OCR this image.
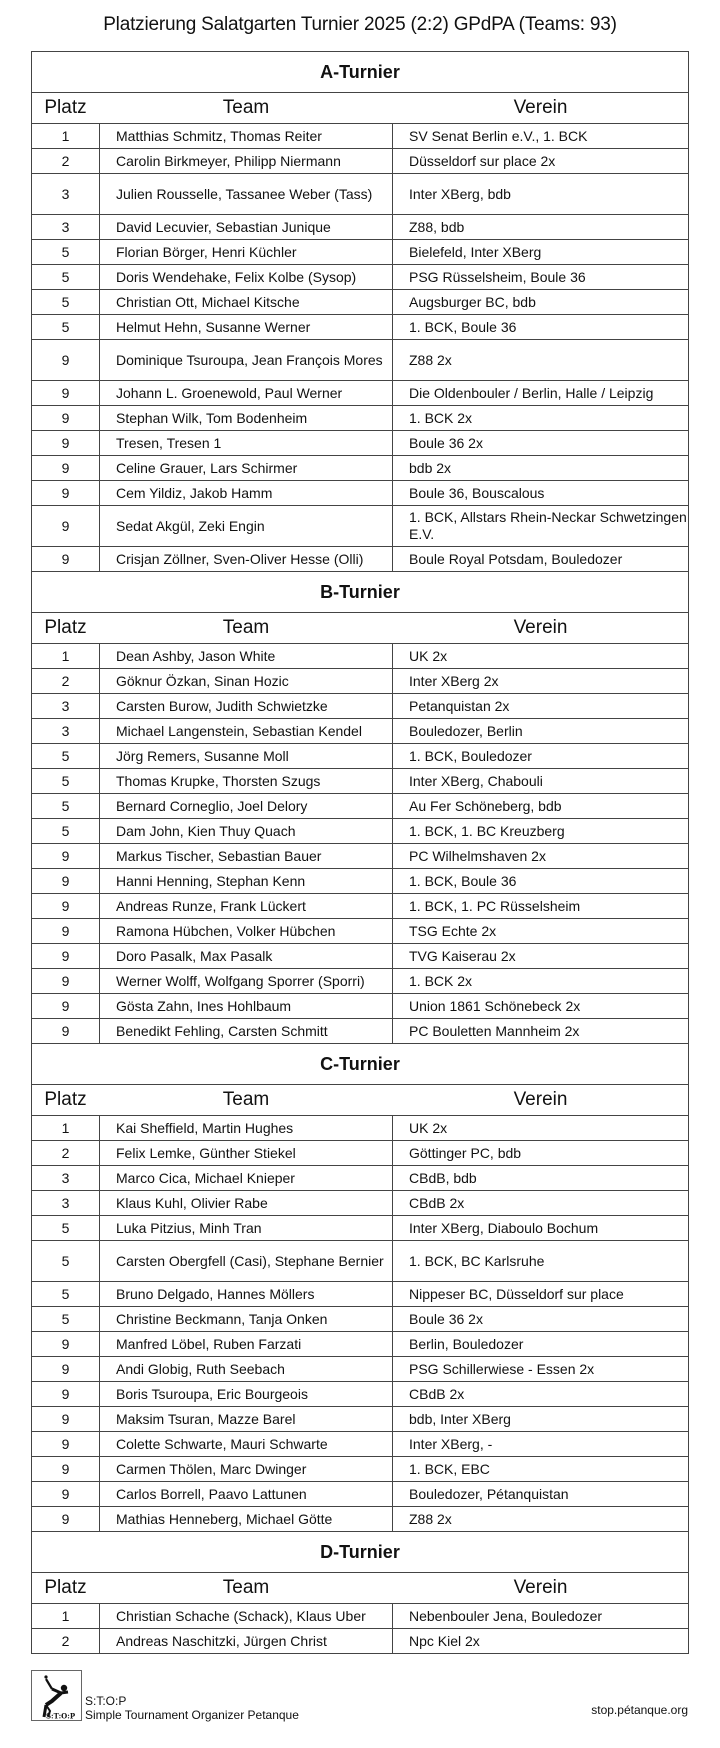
Platzierung Salatgarten Turnier 2025 (2:2) GPdPA (Teams: 93)
A-Turnier		
Platz	Team	Verein
1	Matthias Schmitz, Thomas Reiter	SV Senat Berlin e.V., 1. BCK
2	Carolin Birkmeyer, Philipp Niermann	Düsseldorf sur place 2x
3	Julien Rousselle, Tassanee Weber (Tass)	Inter XBerg, bdb
3	David Lecuvier, Sebastian Junique	Z88, bdb
5	Florian Börger, Henri Küchler	Bielefeld, Inter XBerg
5	Doris Wendehake, Felix Kolbe (Sysop)	PSG Rüsselsheim, Boule 36
5	Christian Ott, Michael Kitsche	Augsburger BC, bdb
5	Helmut Hehn, Susanne Werner	1. BCK, Boule 36
9	Dominique Tsuroupa, Jean François Mores	Z88 2x
9	Johann L. Groenewold, Paul Werner	Die Oldenbouler / Berlin, Halle / Leipzig
9	Stephan Wilk, Tom Bodenheim	1. BCK 2x
9	Tresen, Tresen 1	Boule 36 2x
9	Celine Grauer, Lars Schirmer	bdb 2x
9	Cem Yildiz, Jakob Hamm	Boule 36, Bouscalous
9	Sedat Akgül, Zeki Engin	1. BCK, Allstars Rhein-Neckar Schwetzingen E.V.
9	Crisjan Zöllner, Sven-Oliver Hesse (Olli)	Boule Royal Potsdam, Bouledozer
B-Turnier		
Platz	Team	Verein
1	Dean Ashby, Jason White	UK 2x
2	Göknur Özkan, Sinan Hozic	Inter XBerg 2x
3	Carsten Burow, Judith Schwietzke	Petanquistan 2x
3	Michael Langenstein, Sebastian Kendel	Bouledozer, Berlin
5	Jörg Remers, Susanne Moll	1. BCK, Bouledozer
5	Thomas Krupke, Thorsten Szugs	Inter XBerg, Chabouli
5	Bernard Corneglio, Joel Delory	Au Fer Schöneberg, bdb
5	Dam John, Kien Thuy Quach	1. BCK, 1. BC Kreuzberg
9	Markus Tischer, Sebastian Bauer	PC Wilhelmshaven 2x
9	Hanni Henning, Stephan Kenn	1. BCK, Boule 36
9	Andreas Runze, Frank Lückert	1. BCK, 1. PC Rüsselsheim
9	Ramona Hübchen, Volker Hübchen	TSG Echte 2x
9	Doro Pasalk, Max Pasalk	TVG Kaiserau 2x
9	Werner Wolff, Wolfgang Sporrer (Sporri)	1. BCK 2x
9	Gösta Zahn, Ines Hohlbaum	Union 1861 Schönebeck 2x
9	Benedikt Fehling, Carsten Schmitt	PC Bouletten Mannheim 2x
C-Turnier		
Platz	Team	Verein
1	Kai Sheffield, Martin Hughes	UK 2x
2	Felix Lemke, Günther Stiekel	Göttinger PC, bdb
3	Marco Cica, Michael Knieper	CBdB, bdb
3	Klaus Kuhl, Olivier Rabe	CBdB 2x
5	Luka Pitzius, Minh Tran	Inter XBerg, Diaboulo Bochum
5	Carsten Obergfell (Casi), Stephane Bernier	1. BCK, BC Karlsruhe
5	Bruno Delgado, Hannes Möllers	Nippeser BC, Düsseldorf sur place
5	Christine Beckmann, Tanja Onken	Boule 36 2x
9	Manfred Löbel, Ruben Farzati	Berlin, Bouledozer
9	Andi Globig, Ruth Seebach	PSG Schillerwiese - Essen 2x
9	Boris Tsuroupa, Eric Bourgeois	CBdB 2x
9	Maksim Tsuran, Mazze Barel	bdb, Inter XBerg
9	Colette Schwarte, Mauri Schwarte	Inter XBerg, -
9	Carmen Thölen, Marc Dwinger	1. BCK, EBC
9	Carlos Borrell, Paavo Lattunen	Bouledozer, Pétanquistan
9	Mathias Henneberg, Michael Götte	Z88 2x
D-Turnier		
Platz	Team	Verein
1	Christian Schache (Schack), Klaus Uber	Nebenbouler Jena, Bouledozer
2	Andreas Naschitzki, Jürgen Christ	Npc Kiel 2x
S:T:O:P
S:T:O:P
Simple Tournament Organizer Petanque	stop.pétanque.org
